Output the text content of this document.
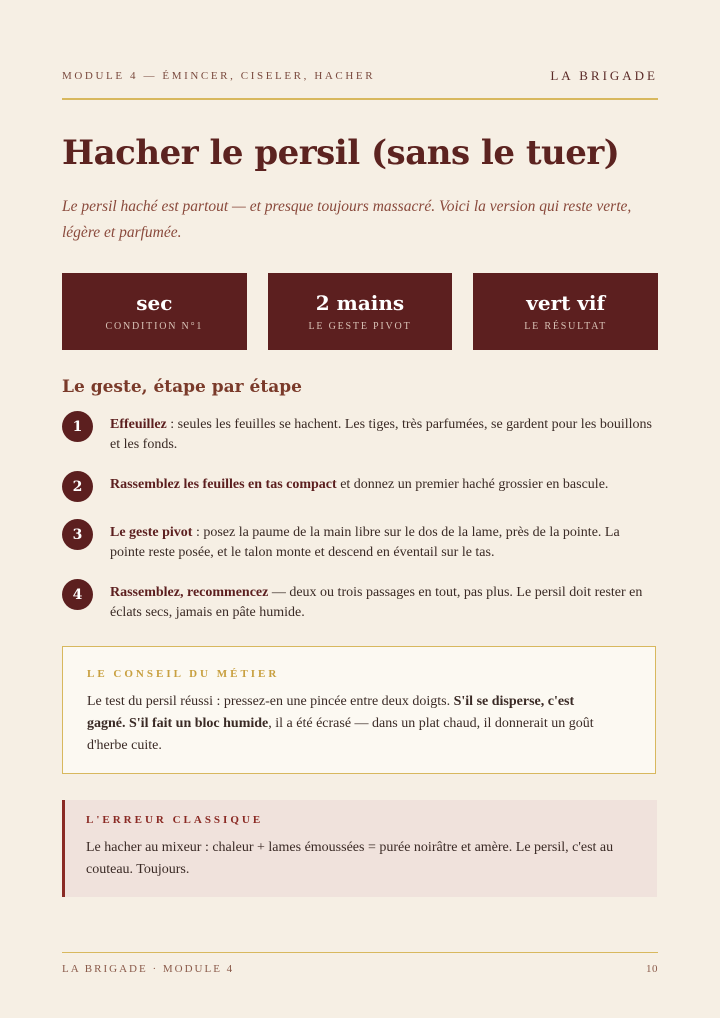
MODULE 4 — ÉMINCER, CISELER, HACHER	LA BRIGADE
Hacher le persil (sans le tuer)

Le persil haché est partout — et presque toujours massacré. Voici la version qui reste verte, légère et parfumée.

sec
CONDITION N°1
2 mains
LE GESTE PIVOT
vert vif
LE RÉSULTAT
Le geste, étape par étape
1	Effeuillez : seules les feuilles se hachent. Les tiges, très parfumées, se gardent pour les bouillons et les fonds.

2	Rassemblez les feuilles en tas compact et donnez un premier haché grossier en bascule.

3	Le geste pivot : posez la paume de la main libre sur le dos de la lame, près de la pointe. La pointe reste posée, et le talon monte et descend en éventail sur le tas.

4	Rassemblez, recommencez — deux ou trois passages en tout, pas plus. Le persil doit rester en éclats secs, jamais en pâte humide.

LE CONSEIL DU MÉTIER

Le test du persil réussi : pressez-en une pincée entre deux doigts. S'il se disperse, c'est gagné. S'il fait un bloc humide, il a été écrasé — dans un plat chaud, il donnerait un goût d'herbe cuite.

L'ERREUR CLASSIQUE

Le hacher au mixeur : chaleur + lames émoussées = purée noirâtre et amère. Le persil, c'est au couteau. Toujours.

LA BRIGADE · MODULE 4	10
